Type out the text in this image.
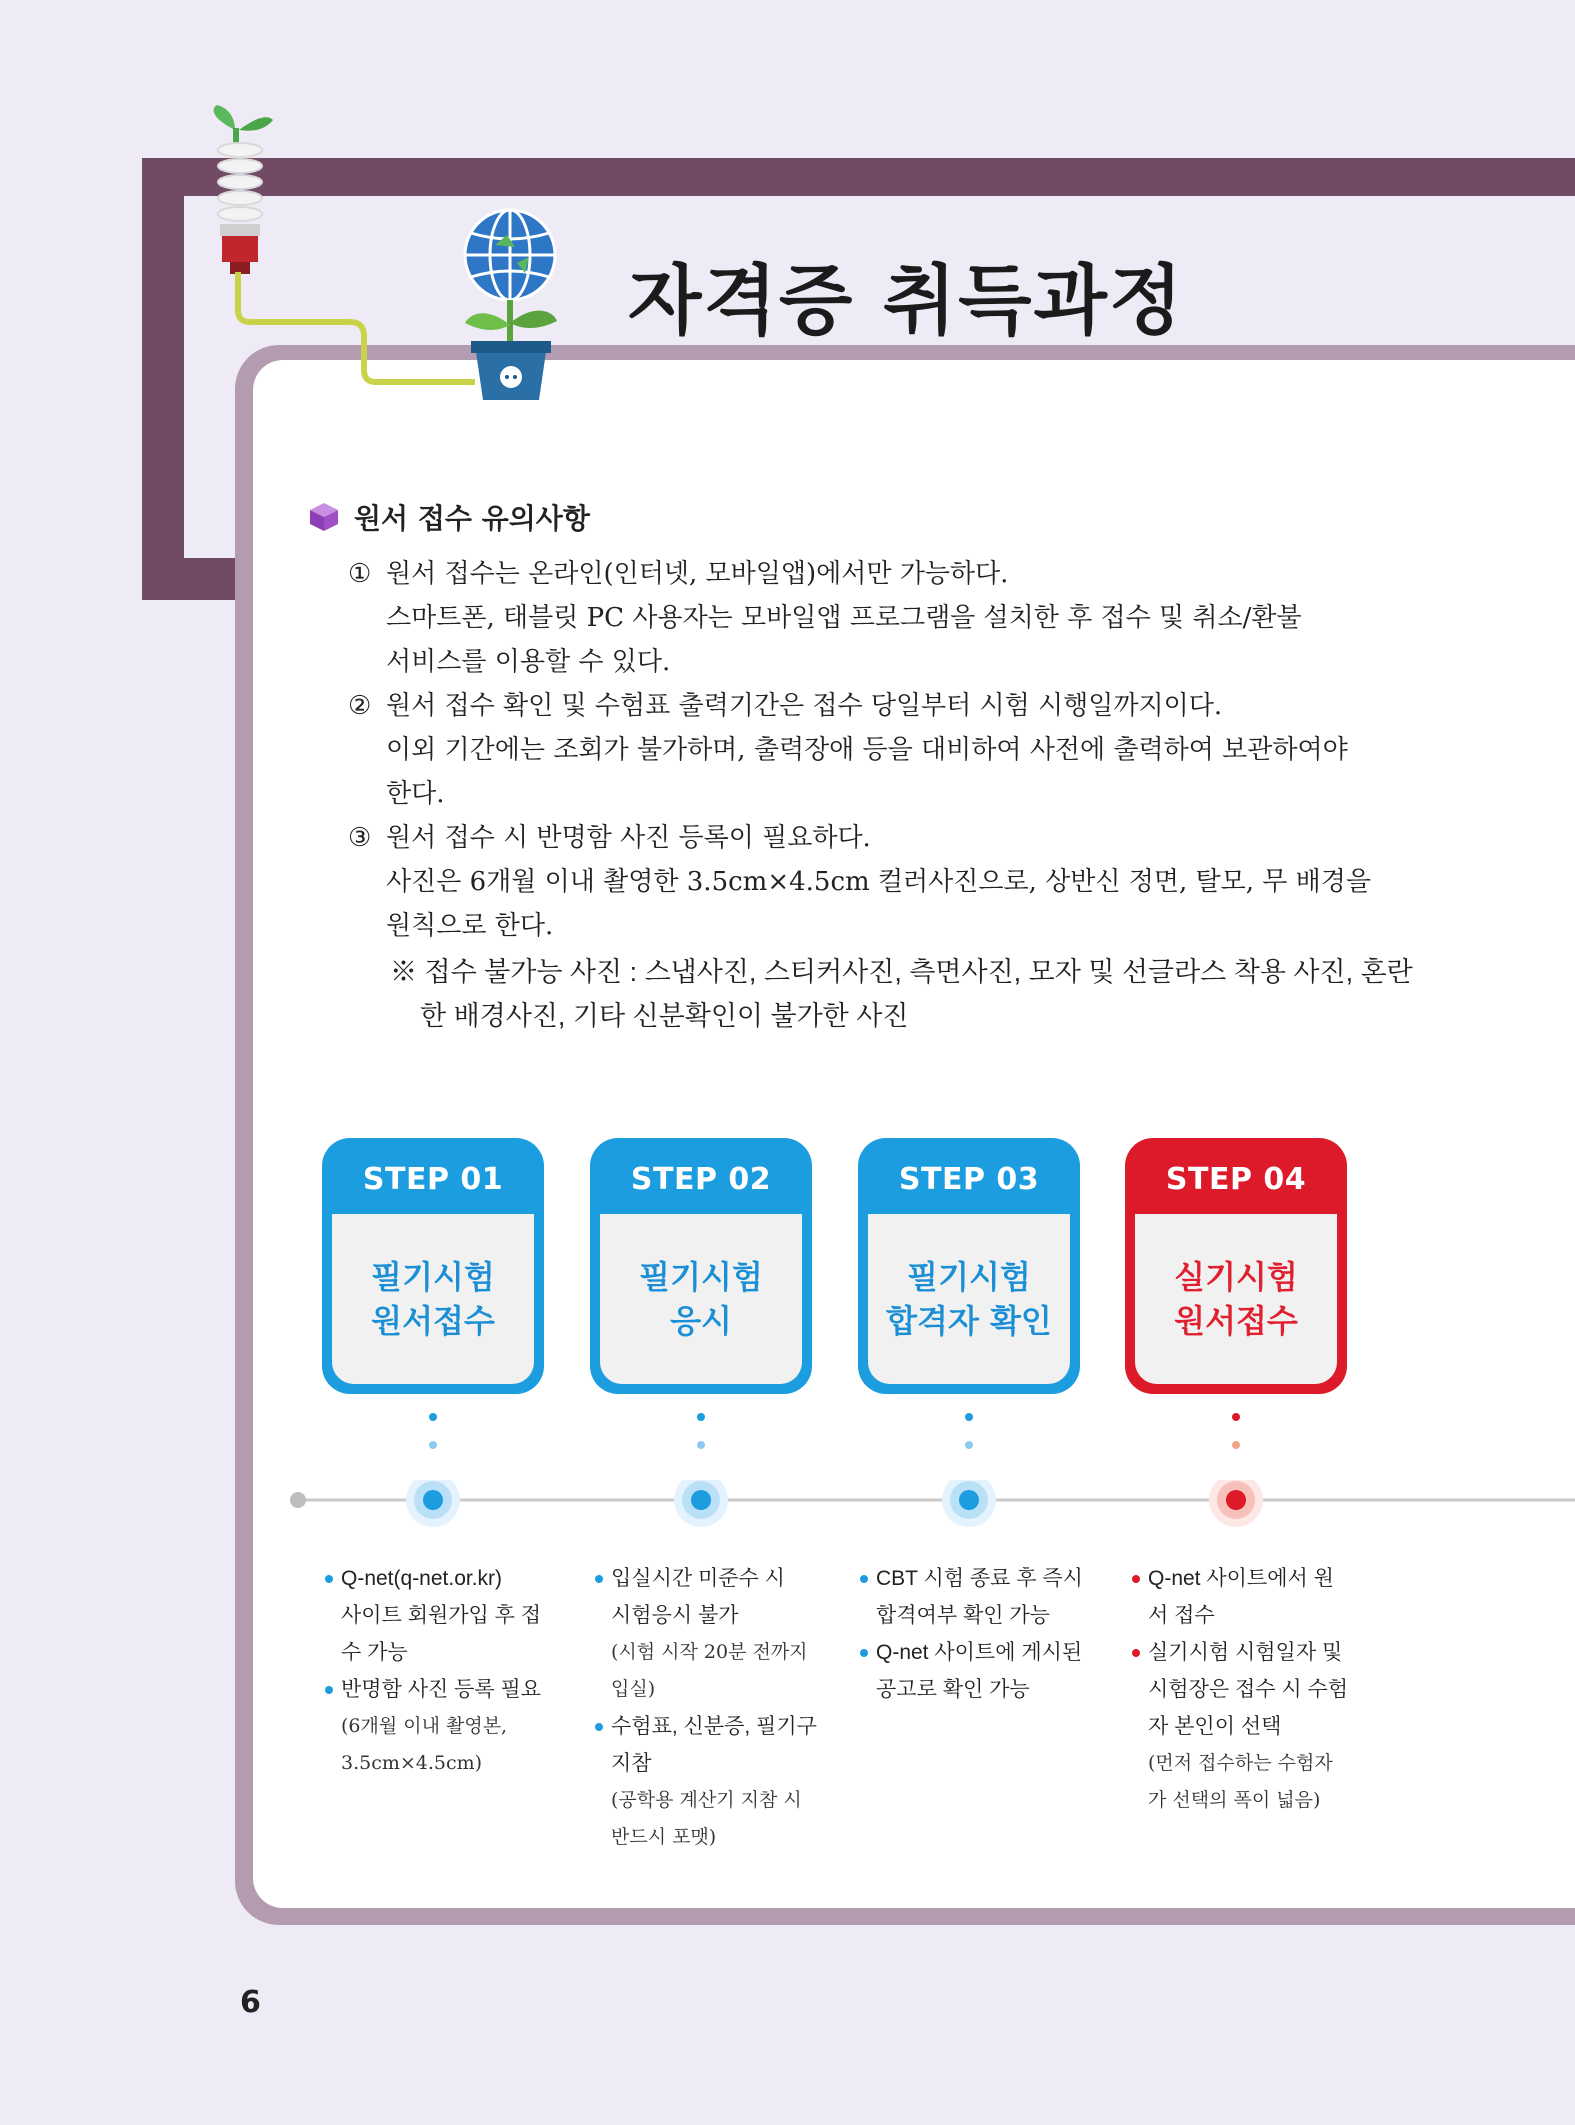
자격증 취득과정
원서 접수 유의사항
① 원서 접수는 온라인(인터넷, 모바일앱)에서만 가능하다.
스마트폰, 태블릿 PC 사용자는 모바일앱 프로그램을 설치한 후 접수 및 취소/환불
서비스를 이용할 수 있다.
② 원서 접수 확인 및 수험표 출력기간은 접수 당일부터 시험 시행일까지이다.
이외 기간에는 조회가 불가하며, 출력장애 등을 대비하여 사전에 출력하여 보관하여야
한다.
③ 원서 접수 시 반명함 사진 등록이 필요하다.
사진은 6개월 이내 촬영한 3.5cm×4.5cm 컬러사진으로, 상반신 정면, 탈모, 무 배경을
원칙으로 한다.
※ 접수 불가능 사진 : 스냅사진, 스티커사진, 측면사진, 모자 및 선글라스 착용 사진, 혼란
한 배경사진, 기타 신분확인이 불가한 사진
STEP 01
필기시험
원서접수
STEP 02
필기시험
응시
STEP 03
필기시험
합격자 확인
STEP 04
실기시험
원서접수
Q-net(q-net.or.kr)
사이트 회원가입 후 접
수 가능
반명함 사진 등록 필요
(6개월 이내 촬영본,
3.5cm×4.5cm)
입실시간 미준수 시
시험응시 불가
(시험 시작 20분 전까지
입실)
수험표, 신분증, 필기구
지참
(공학용 계산기 지참 시
반드시 포맷)
CBT 시험 종료 후 즉시
합격여부 확인 가능
Q-net 사이트에 게시된
공고로 확인 가능
Q-net 사이트에서 원
서 접수
실기시험 시험일자 및
시험장은 접수 시 수험
자 본인이 선택
(먼저 접수하는 수험자
가 선택의 폭이 넓음)
6
